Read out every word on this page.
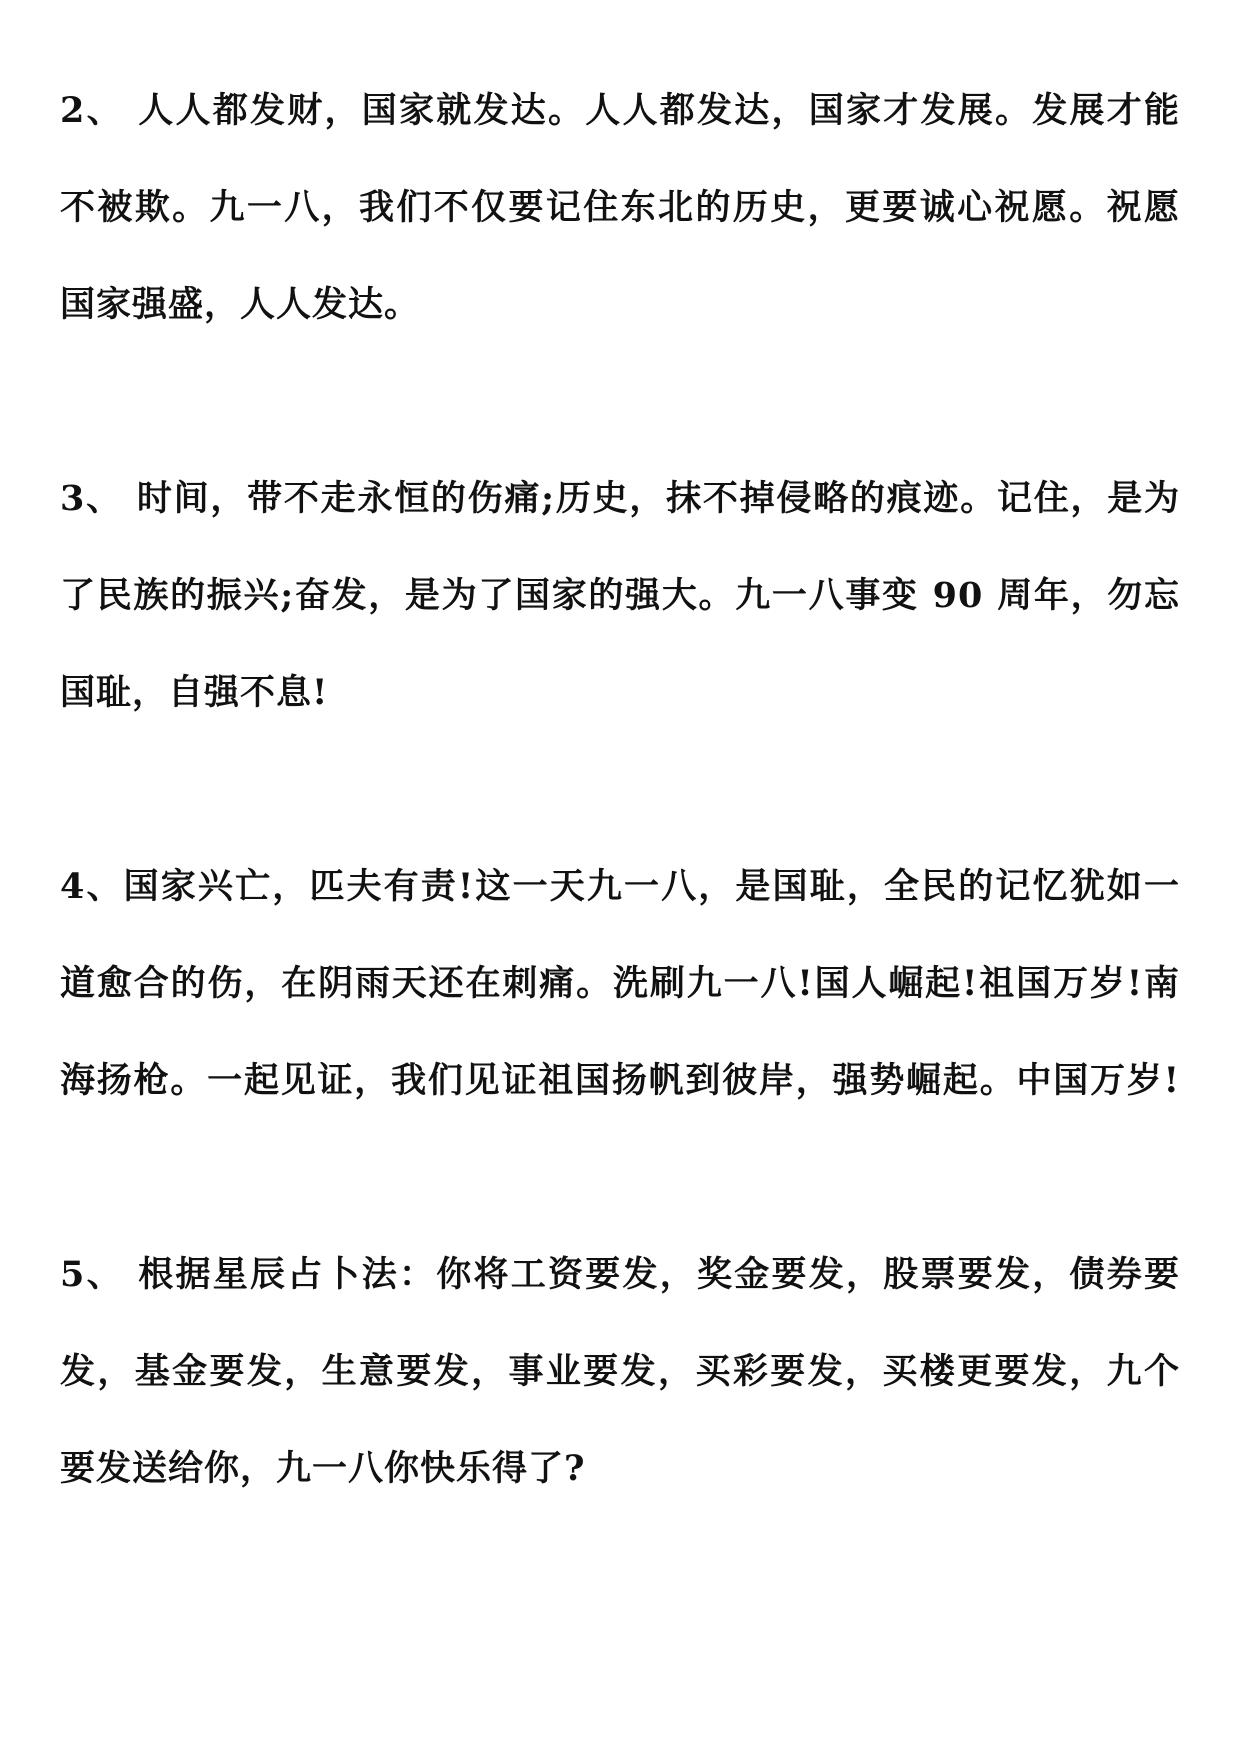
2、 人人都发财，国家就发达。人人都发达，国家才发展。发展才能
不被欺。九一八，我们不仅要记住东北的历史，更要诚心祝愿。祝愿
国家强盛，人人发达。

3、 时间，带不走永恒的伤痛;历史，抹不掉侵略的痕迹。记住，是为
了民族的振兴;奋发，是为了国家的强大。九一八事变 90 周年，勿忘
国耻，自强不息!

4、国家兴亡，匹夫有责!这一天九一八，是国耻，全民的记忆犹如一
道愈合的伤，在阴雨天还在刺痛。洗刷九一八!国人崛起!祖国万岁!南
海扬枪。一起见证，我们见证祖国扬帆到彼岸，强势崛起。中国万岁!

5、 根据星辰占卜法：你将工资要发，奖金要发，股票要发，债券要
发，基金要发，生意要发，事业要发，买彩要发，买楼更要发，九个
要发送给你，九一八你快乐得了?
